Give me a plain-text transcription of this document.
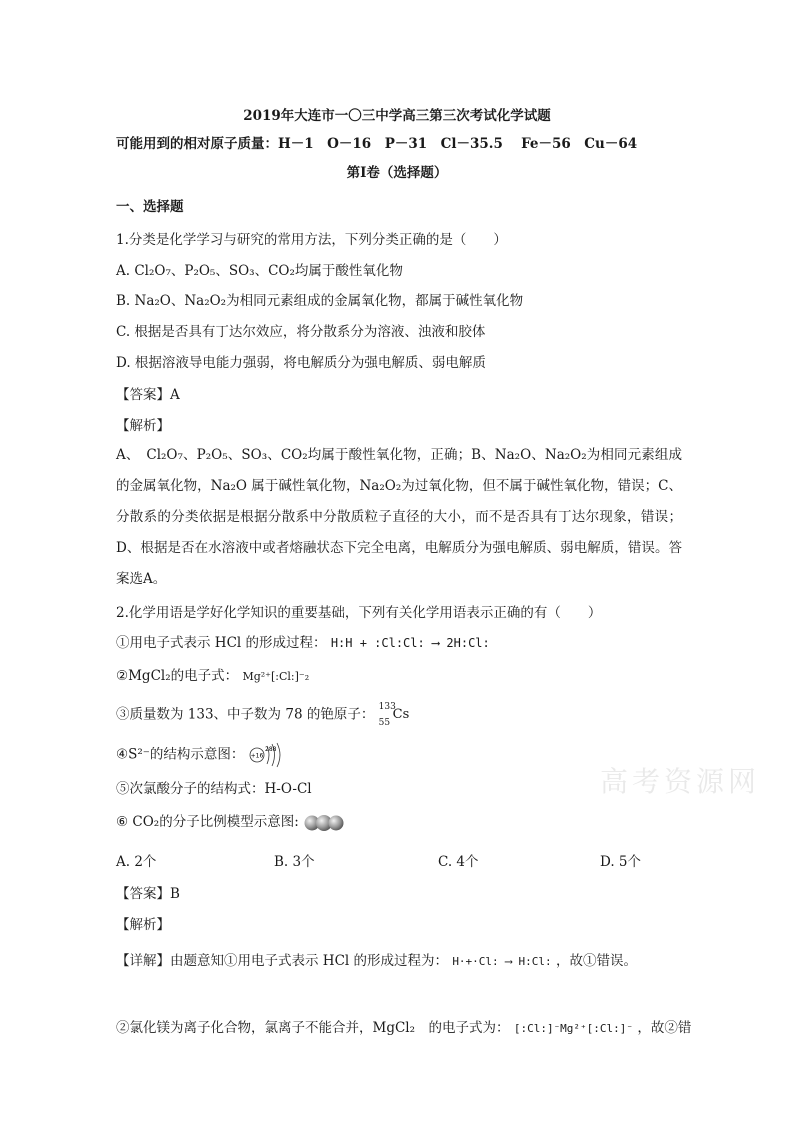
2019年大连市一〇三中学高三第三次考试化学试题
可能用到的相对原子质量：H－1　O－16　P－31　Cl－35.5　 Fe－56　Cu－64
第I卷（选择题）
一、选择题
1.分类是化学学习与研究的常用方法，下列分类正确的是（　　）
A. Cl₂O₇、P₂O₅、SO₃、CO₂均属于酸性氧化物
B. Na₂O、Na₂O₂为相同元素组成的金属氧化物，都属于碱性氧化物
C. 根据是否具有丁达尔效应，将分散系分为溶液、浊液和胶体
D. 根据溶液导电能力强弱，将电解质分为强电解质、弱电解质
【答案】A
【解析】
A、　Cl₂O₇、P₂O₅、SO₃、CO₂均属于酸性氧化物，正确；B、Na₂O、Na₂O₂为相同元素组成的金属氧化物，Na₂O 属于碱性氧化物，Na₂O₂为过氧化物，但不属于碱性氧化物，错误；C、分散系的分类依据是根据分散系中分散质粒子直径的大小，而不是否具有丁达尔现象，错误；D、根据是否在水溶液中或者熔融状态下完全电离，电解质分为强电解质、弱电解质，错误。答案选A。
2.化学用语是学好化学知识的重要基础，下列有关化学用语表示正确的有（　　）
①用电子式表示 HCl 的形成过程： H:H + :Cl:Cl: ⟶ 2H:Cl:
②MgCl₂的电子式： Mg²⁺[:Cl:]⁻₂
③质量数为 133、中子数为 78 的铯原子： 133
55
Cs
④S²⁻的结构示意图： +16
288
⑤次氯酸分子的结构式：H-O-Cl
⑥ CO₂的分子比例模型示意图:
A. 2个	B. 3个	C. 4个	D. 5个
【答案】B
【解析】
【详解】由题意知①用电子式表示 HCl 的形成过程为： H·+·Cl: ⟶ H:Cl: ，故①错误。
②氯化镁为离子化合物，氯离子不能合并，MgCl₂　的电子式为： [:Cl:]⁻Mg²⁺[:Cl:]⁻ ，故②错
高考资源网
